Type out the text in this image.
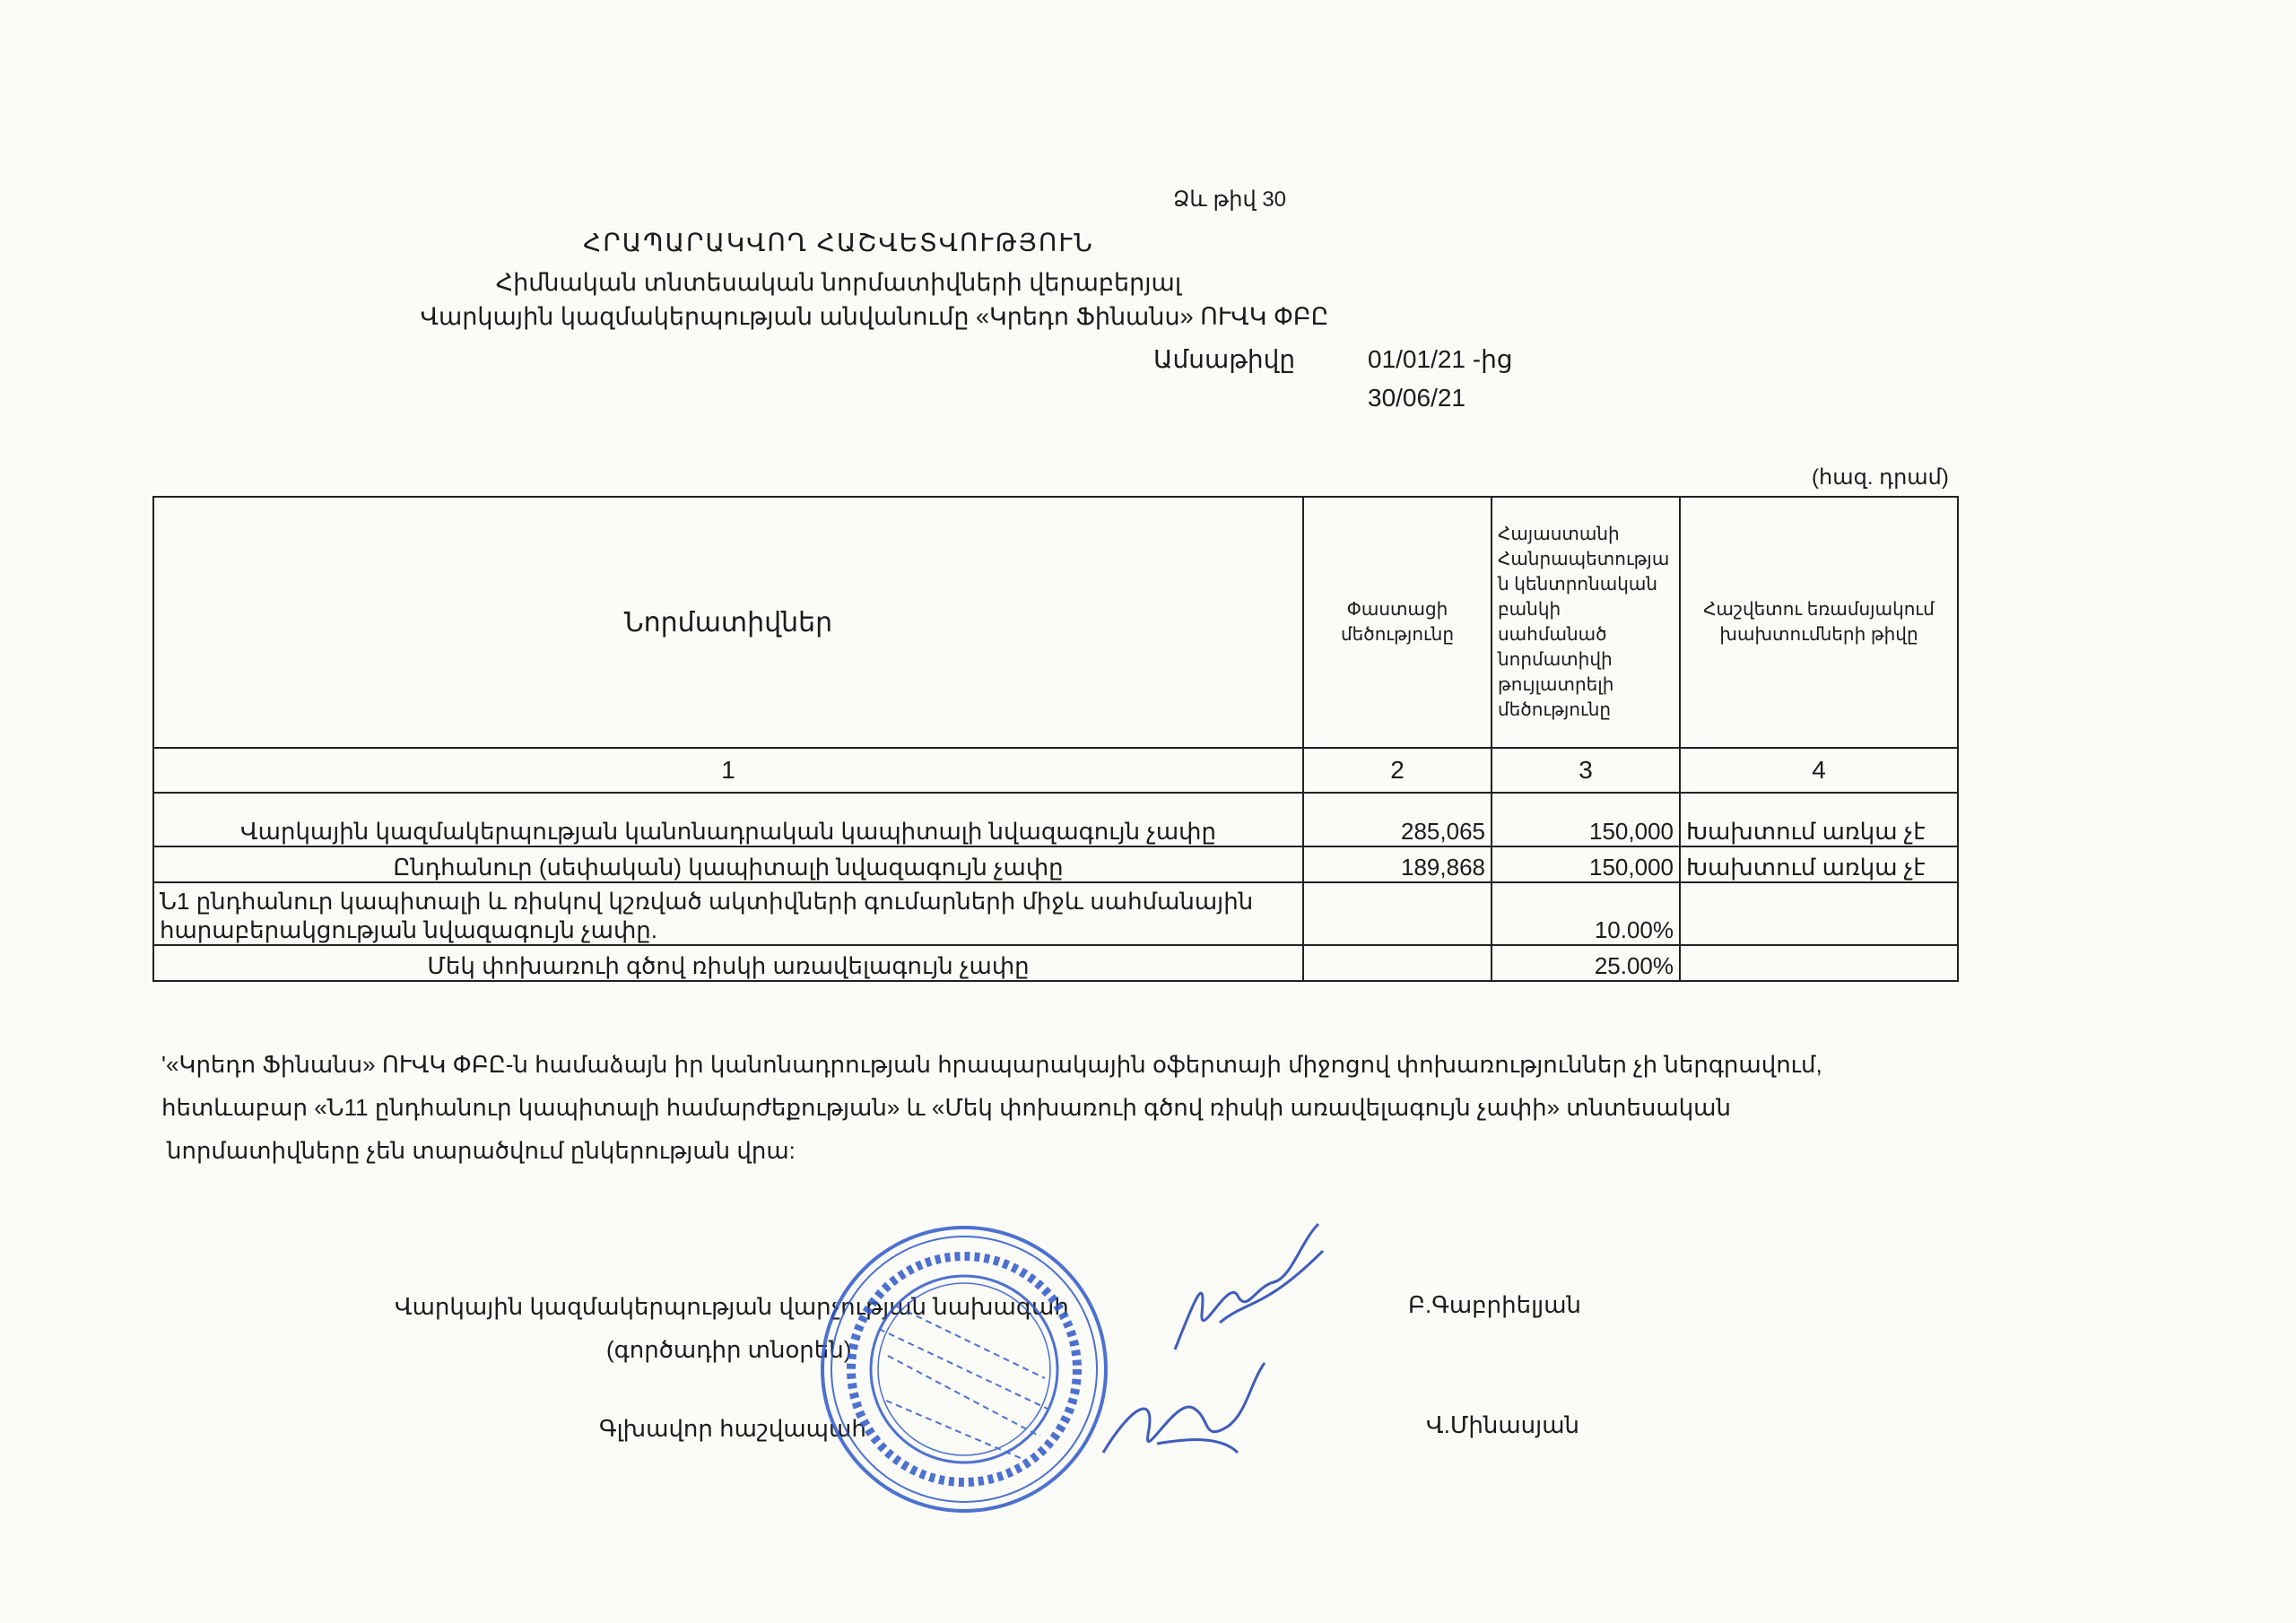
Ձև թիվ 30
ՀՐԱՊԱՐԱԿՎՈՂ ՀԱՇՎԵՏՎՈՒԹՅՈՒՆ
Հիմնական տնտեսական նորմատիվների վերաբերյալ
Վարկային կազմակերպության անվանումը «Կրեդո Ֆինանս» ՈՒՎԿ ՓԲԸ
Ամսաթիվը	01/01/21 -ից
30/06/21
(հազ. դրամ)
Նորմատիվներ	Փաստացի մեծությունը	Հայաստանի Հանրապետությա ն կենտրոնական բանկի սահմանած նորմատիվի թույլատրելի մեծությունը	Հաշվետու եռամսյակում խախտումների թիվը
1	2	3	4
Վարկային կազմակերպության կանոնադրական կապիտալի նվազագույն չափը	285,065	150,000	Խախտում առկա չէ
Ընդհանուր (սեփական) կապիտալի նվազագույն չափը	189,868	150,000	Խախտում առկա չէ
Ն1 ընդհանուր կապիտալի և ռիսկով կշռված ակտիվների գումարների միջև սահմանային հարաբերակցության նվազագույն չափը.		10.00%	
Մեկ փոխառուի գծով ռիսկի առավելագույն չափը		25.00%	
'«Կրեդո Ֆինանս» ՈՒՎԿ ՓԲԸ-ն համաձայն իր կանոնադրության հրապարակային օֆերտայի միջոցով փոխառություններ չի ներգրավում,
հետևաբար «Ն11 ընդհանուր կապիտալի համարժեքության» և «Մեկ փոխառուի գծով ռիսկի առավելագույն չափի» տնտեսական
նորմատիվները չեն տարածվում ընկերության վրա:
Վարկային կազմակերպության վարչության նախագահ
(գործադիր տնօրեն)
Բ.Գաբրիելյան
Գլխավոր հաշվապահ	Վ.Մինասյան
